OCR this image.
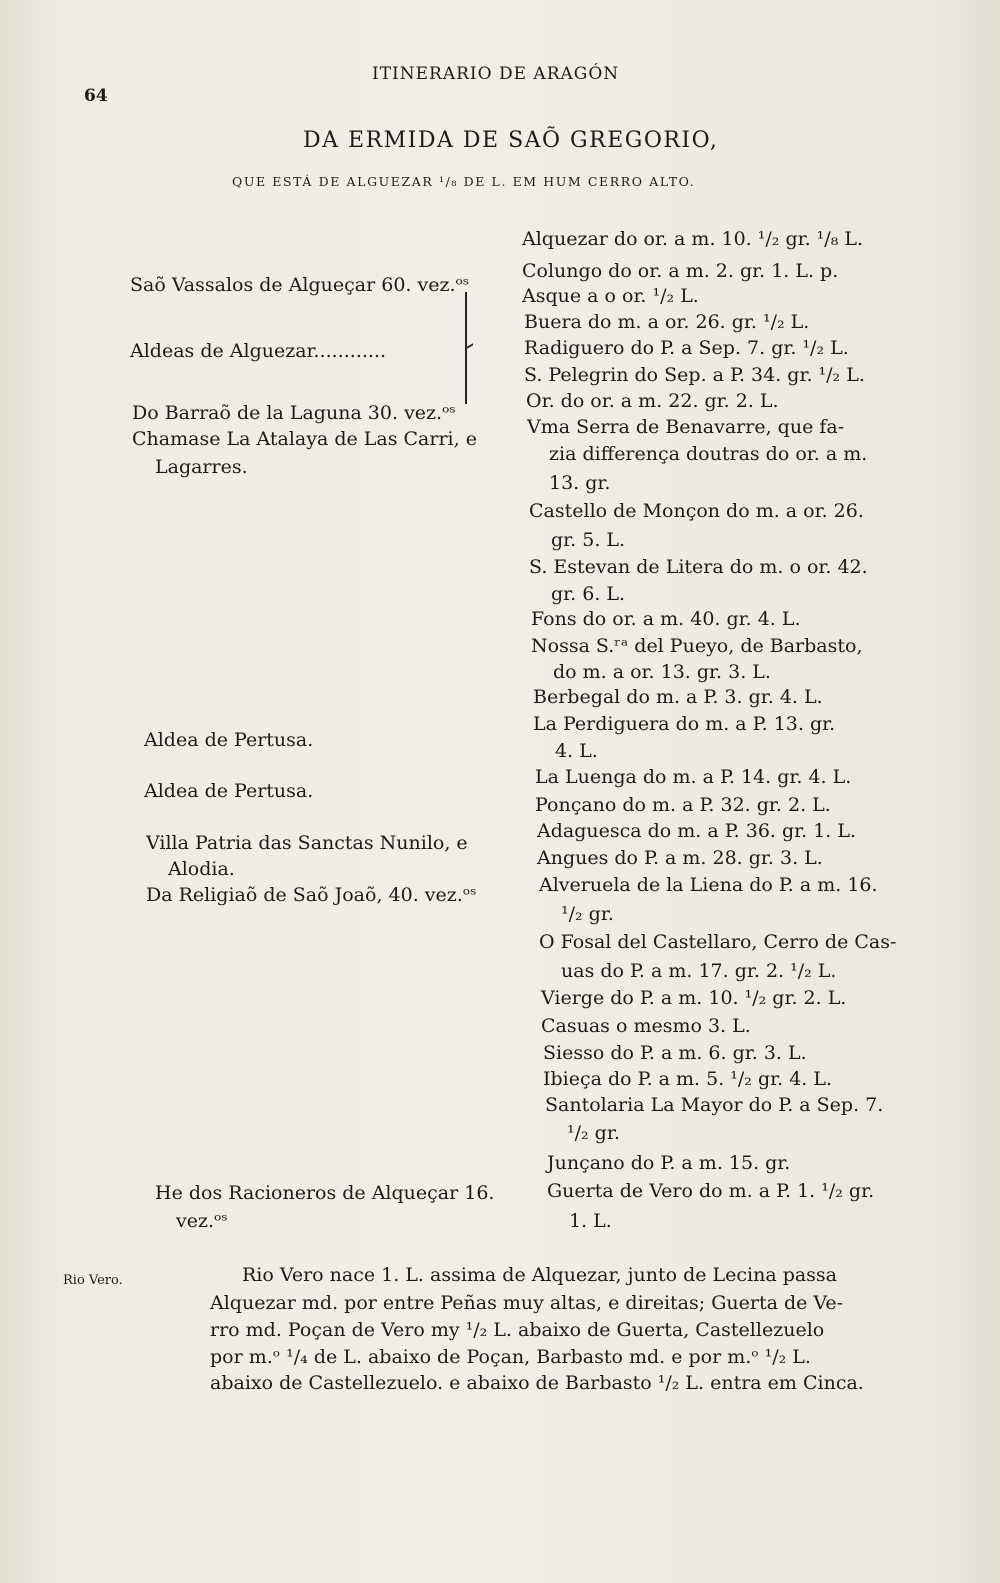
64
ITINERARIO DE ARAGÓN
DA ERMIDA DE SAÕ GREGORIO,
QUE ESTÁ DE ALGUEZAR ¹/₈ DE L. EM HUM CERRO ALTO.
Saõ Vassalos de Algueçar 60. vez.ᵒˢ
Aldeas de Alguezar............
Do Barraõ de la Laguna 30. vez.ᵒˢ
Chamase La Atalaya de Las Carri, e
Lagarres.
Aldea de Pertusa.
Aldea de Pertusa.
Villa Patria das Sanctas Nunilo, e
Alodia.
Da Religiaõ de Saõ Joaõ, 40. vez.ᵒˢ
He dos Racioneros de Alqueçar 16.
vez.ᵒˢ
Alquezar do or. a m. 10. ¹/₂ gr. ¹/₈ L.
Colungo do or. a m. 2. gr. 1. L. p.
Asque a o or. ¹/₂ L.
Buera do m. a or. 26. gr. ¹/₂ L.
Radiguero do P. a Sep. 7. gr. ¹/₂ L.
S. Pelegrin do Sep. a P. 34. gr. ¹/₂ L.
Or. do or. a m. 22. gr. 2. L.
Vma Serra de Benavarre, que fa-
zia differença doutras do or. a m.
13. gr.
Castello de Monçon do m. a or. 26.
gr. 5. L.
S. Estevan de Litera do m. o or. 42.
gr. 6. L.
Fons do or. a m. 40. gr. 4. L.
Nossa S.ʳᵃ del Pueyo, de Barbasto,
do m. a or. 13. gr. 3. L.
Berbegal do m. a P. 3. gr. 4. L.
La Perdiguera do m. a P. 13. gr.
4. L.
La Luenga do m. a P. 14. gr. 4. L.
Ponçano do m. a P. 32. gr. 2. L.
Adaguesca do m. a P. 36. gr. 1. L.
Angues do P. a m. 28. gr. 3. L.
Alveruela de la Liena do P. a m. 16.
¹/₂ gr.
O Fosal del Castellaro, Cerro de Cas-
uas do P. a m. 17. gr. 2. ¹/₂ L.
Vierge do P. a m. 10. ¹/₂ gr. 2. L.
Casuas o mesmo 3. L.
Siesso do P. a m. 6. gr. 3. L.
Ibieça do P. a m. 5. ¹/₂ gr. 4. L.
Santolaria La Mayor do P. a Sep. 7.
¹/₂ gr.
Junçano do P. a m. 15. gr.
Guerta de Vero do m. a P. 1. ¹/₂ gr.
1. L.
Rio Vero.	Rio Vero nace 1. L. assima de Alquezar, junto de Lecina passa
Alquezar md. por entre Peñas muy altas, e direitas; Guerta de Ve-
rro md. Poçan de Vero my ¹/₂ L. abaixo de Guerta, Castellezuelo
por m.ᵒ ¹/₄ de L. abaixo de Poçan, Barbasto md. e por m.ᵒ ¹/₂ L.
abaixo de Castellezuelo. e abaixo de Barbasto ¹/₂ L. entra em Cinca.
